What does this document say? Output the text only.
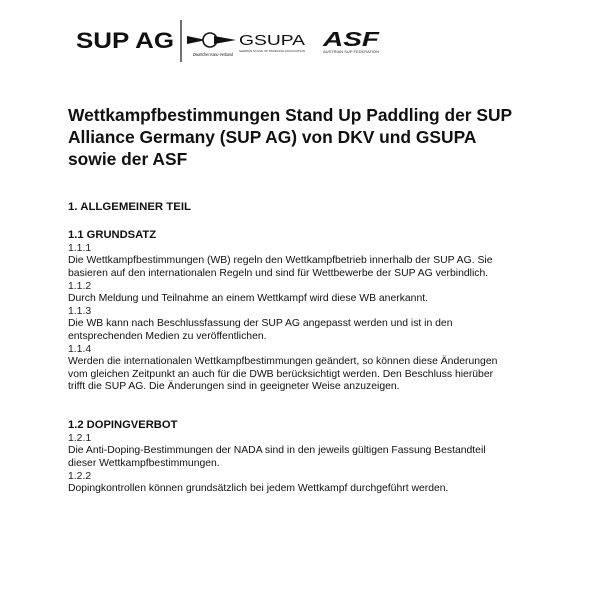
SUP AG
Deutscher Kanu-Verband
GSUPA
GERMAN STAND UP PADDLING ASSOCIATION
ASF
AUSTRIAN SUP FEDERATION
Wettkampfbestimmungen Stand Up Paddling der SUP
Alliance Germany (SUP AG) von DKV und GSUPA
sowie der ASF
1. ALLGEMEINER TEIL
1.1 GRUNDSATZ
1.1.1
Die Wettkampfbestimmungen (WB) regeln den Wettkampfbetrieb innerhalb der SUP AG. Sie
basieren auf den internationalen Regeln und sind für Wettbewerbe der SUP AG verbindlich.
1.1.2
Durch Meldung und Teilnahme an einem Wettkampf wird diese WB anerkannt.
1.1.3
Die WB kann nach Beschlussfassung der SUP AG angepasst werden und ist in den
entsprechenden Medien zu veröffentlichen.
1.1.4
Werden die internationalen Wettkampfbestimmungen geändert, so können diese Änderungen
vom gleichen Zeitpunkt an auch für die DWB berücksichtigt werden. Den Beschluss hierüber
trifft die SUP AG. Die Änderungen sind in geeigneter Weise anzuzeigen.
1.2 DOPINGVERBOT
1.2.1
Die Anti-Doping-Bestimmungen der NADA sind in den jeweils gültigen Fassung Bestandteil
dieser Wettkampfbestimmungen.
1.2.2
Dopingkontrollen können grundsätzlich bei jedem Wettkampf durchgeführt werden.
